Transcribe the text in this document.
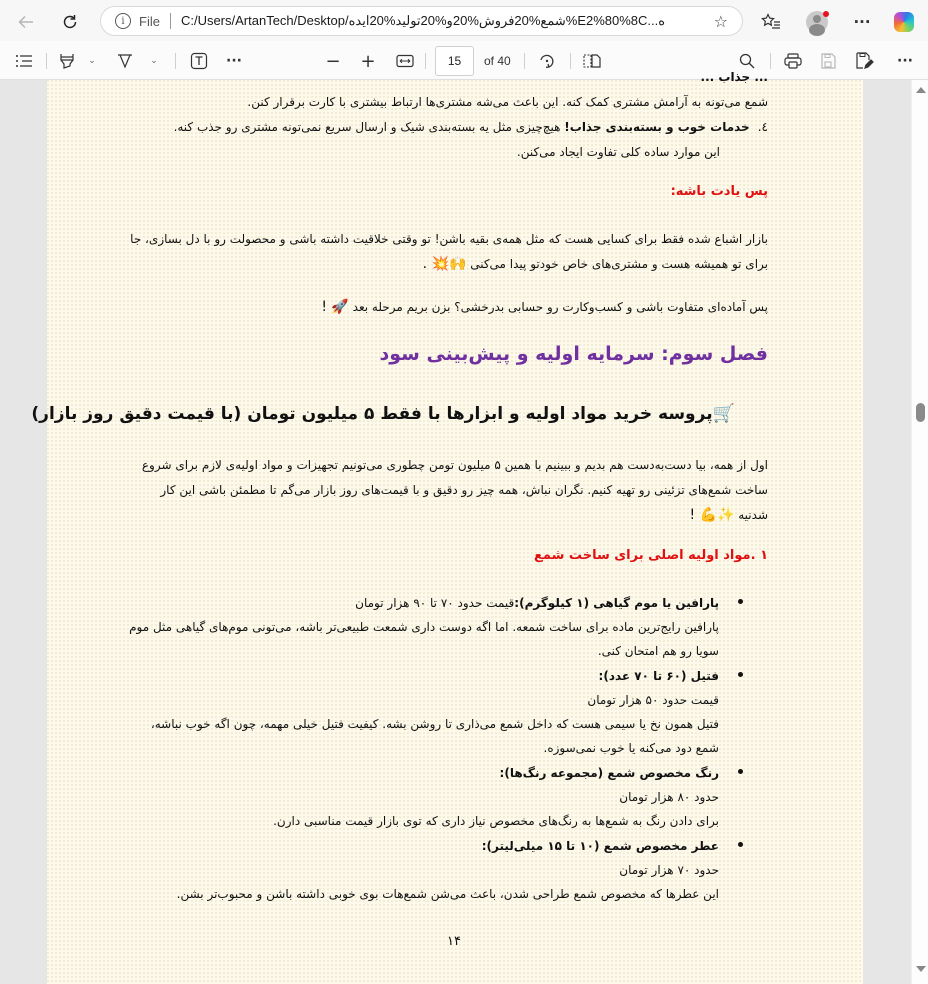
i	File C:/Users/ArtanTech/Desktop/شمع%20فروش%20و%20تولید%20ایده%E2%80%8C...ه	☆	···
⌄	⌄	···	− +	15	of 40	···
... جذاب ...
شمع می‌تونه به آرامش مشتری کمک کنه. این باعث می‌شه مشتری‌ها ارتباط بیشتری با کارت برقرار کنن.
٤.خدمات خوب و بسته‌بندی جذاب! هیچ‌چیزی مثل یه بسته‌بندی شیک و ارسال سریع نمی‌تونه مشتری رو جذب کنه.
این موارد ساده کلی تفاوت ایجاد می‌کنن.
پس یادت باشه:
بازار اشباع شده فقط برای کسایی هست که مثل همه‌ی بقیه باشن! تو وقتی خلاقیت داشته باشی و محصولت رو با دل بسازی، جا
برای تو همیشه هست و مشتری‌های خاص خودتو پیدا می‌کنی 🙌💥 .
پس آماده‌ای متفاوت باشی و کسب‌وکارت رو حسابی بدرخشی؟ بزن بریم مرحله بعد 🚀 !
فصل سوم: سرمایه اولیه و پیش‌بینی سود
🛒پروسه خرید مواد اولیه و ابزارها با فقط ۵ میلیون تومان (با قیمت دقیق روز بازار)
اول از همه، بیا دست‌به‌دست هم بدیم و ببینیم با همین ۵ میلیون تومن چطوری می‌تونیم تجهیزات و مواد اولیه‌ی لازم برای شروع
ساخت شمع‌های تزئینی رو تهیه کنیم. نگران نباش، همه چیز رو دقیق و با قیمت‌های روز بازار می‌گم تا مطمئن باشی این کار
شدنیه ✨💪 !
۱ .مواد اولیه اصلی برای ساخت شمع
پارافین یا موم گیاهی (۱ کیلوگرم):قیمت حدود ۷۰ تا ۹۰ هزار تومان
پارافین رایج‌ترین ماده برای ساخت شمعه. اما اگه دوست داری شمعت طبیعی‌تر باشه، می‌تونی موم‌های گیاهی مثل موم
سویا رو هم امتحان کنی.
فتیل (۶۰ تا ۷۰ عدد):
قیمت حدود ۵۰ هزار تومان
فتیل همون نخ یا سیمی هست که داخل شمع می‌ذاری تا روشن بشه. کیفیت فتیل خیلی مهمه، چون اگه خوب نباشه،
شمع دود می‌کنه یا خوب نمی‌سوزه.
رنگ مخصوص شمع (مجموعه رنگ‌ها):
حدود ۸۰ هزار تومان
برای دادن رنگ به شمع‌ها به رنگ‌های مخصوص نیاز داری که توی بازار قیمت مناسبی دارن.
عطر مخصوص شمع (۱۰ تا ۱۵ میلی‌لیتر):
حدود ۷۰ هزار تومان
این عطرها که مخصوص شمع طراحی شدن، باعث می‌شن شمع‌هات بوی خوبی داشته باشن و محبوب‌تر بشن.
۱۴
